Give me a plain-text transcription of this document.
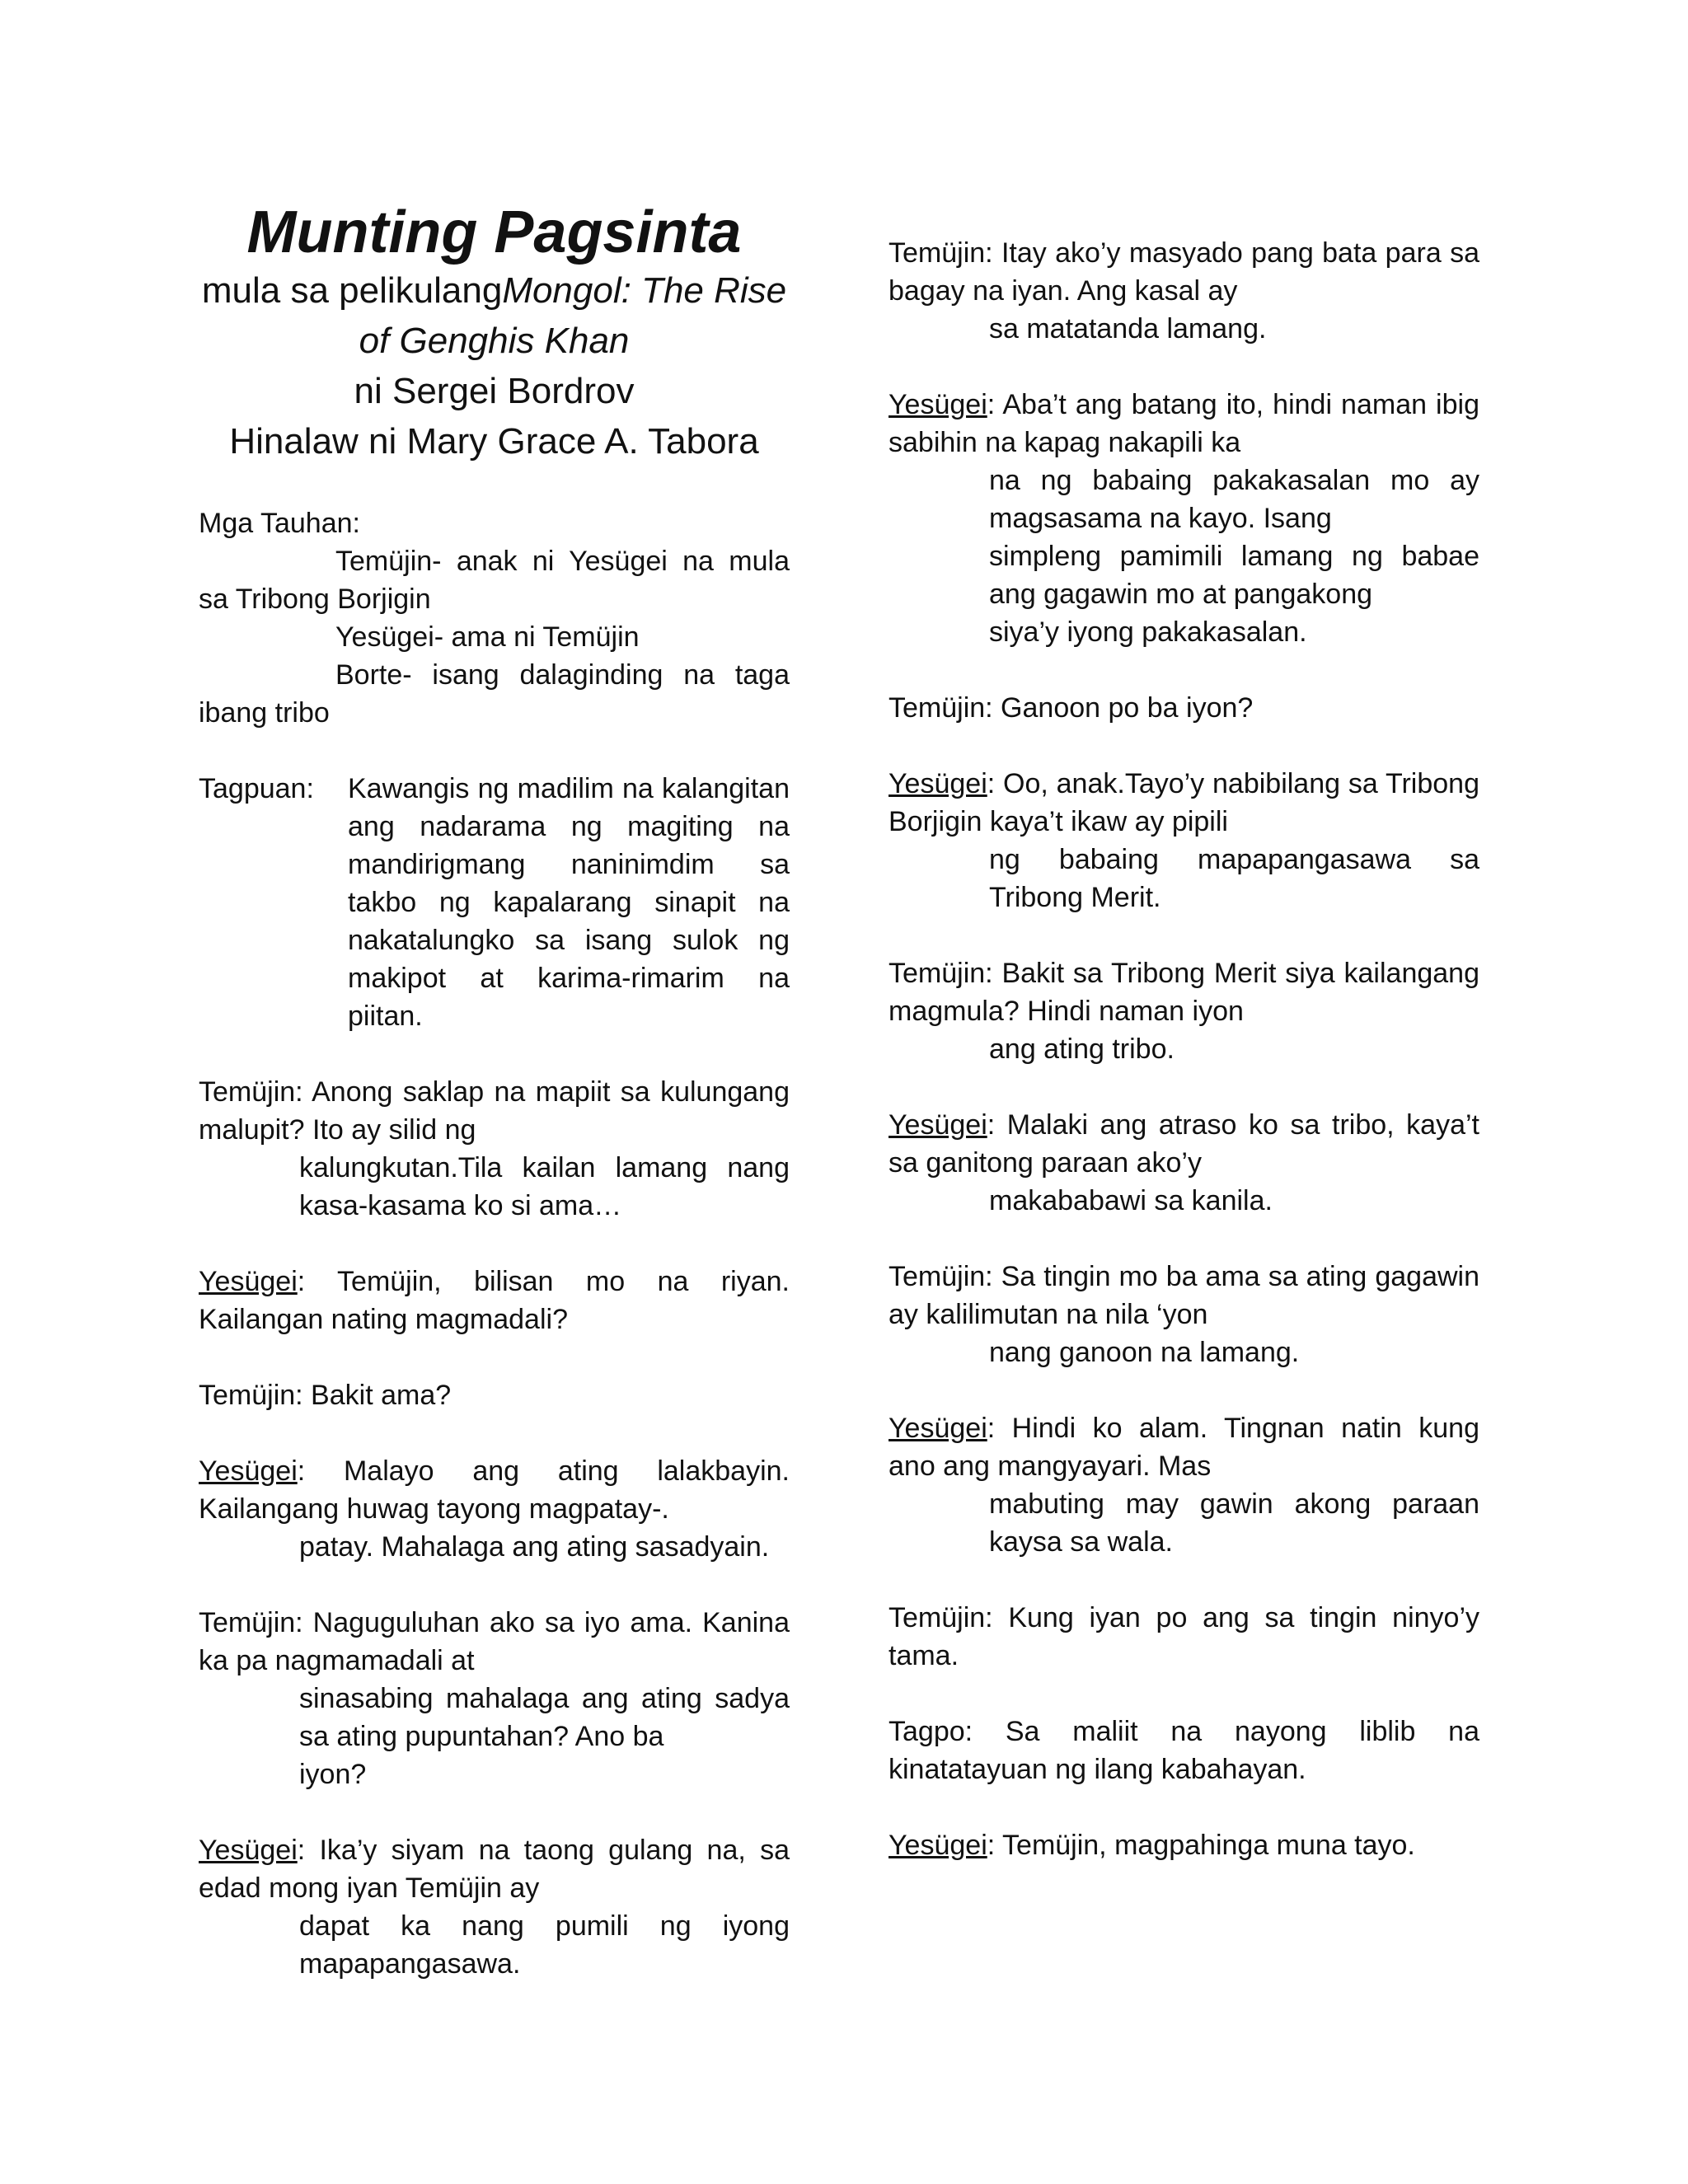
Munting Pagsinta

mula sa pelikulangMongol: The Rise

of Genghis Khan

ni Sergei Bordrov

Hinalaw ni Mary Grace A. Tabora

Mga Tauhan:

Temüjin- anak ni Yesügei na mula sa Tribong Borjigin

Yesügei- ama ni Temüjin

Borte- isang dalaginding na taga ibang tribo

Tagpuan:	Kawangis ng madilim na kalangitan ang nadarama ng magiting na mandirigmang naninimdim sa takbo ng kapalarang sinapit na nakatalungko sa isang sulok ng makipot at karima-rimarim na piitan.

Temüjin: Anong saklap na mapiit sa kulungang malupit? Ito ay silid ng

kalungkutan.Tila kailan lamang nang kasa-kasama ko si ama…

Yesügei: Temüjin, bilisan mo na riyan. Kailangan nating magmadali?

Temüjin: Bakit ama?

Yesügei: Malayo ang ating lalakbayin. Kailangang huwag tayong magpatay-.

patay. Mahalaga ang ating sasadyain.

Temüjin: Naguguluhan ako sa iyo ama. Kanina ka pa nagmamadali at

sinasabing mahalaga ang ating sadya sa ating pupuntahan? Ano ba

iyon?

Yesügei: Ika’y siyam na taong gulang na, sa edad mong iyan Temüjin ay

dapat ka nang pumili ng iyong mapapangasawa.

Temüjin: Itay ako’y masyado pang bata para sa bagay na iyan. Ang kasal ay

sa matatanda lamang.

Yesügei: Aba’t ang batang ito, hindi naman ibig sabihin na kapag nakapili ka

na ng babaing pakakasalan mo ay magsasama na kayo. Isang

simpleng pamimili lamang ng babae ang gagawin mo at pangakong

siya’y iyong pakakasalan.

Temüjin: Ganoon po ba iyon?

Yesügei: Oo, anak.Tayo’y nabibilang sa Tribong Borjigin kaya’t ikaw ay pipili

ng babaing mapapangasawa sa Tribong Merit.

Temüjin: Bakit sa Tribong Merit siya kailangang magmula? Hindi naman iyon

ang ating tribo.

Yesügei: Malaki ang atraso ko sa tribo, kaya’t sa ganitong paraan ako’y

makababawi sa kanila.

Temüjin: Sa tingin mo ba ama sa ating gagawin ay kalilimutan na nila ‘yon

nang ganoon na lamang.

Yesügei: Hindi ko alam. Tingnan natin kung ano ang mangyayari. Mas

mabuting may gawin akong paraan kaysa sa wala.

Temüjin: Kung iyan po ang sa tingin ninyo’y tama.

Tagpo: Sa maliit na nayong liblib na kinatatayuan ng ilang kabahayan.

Yesügei: Temüjin, magpahinga muna tayo.
